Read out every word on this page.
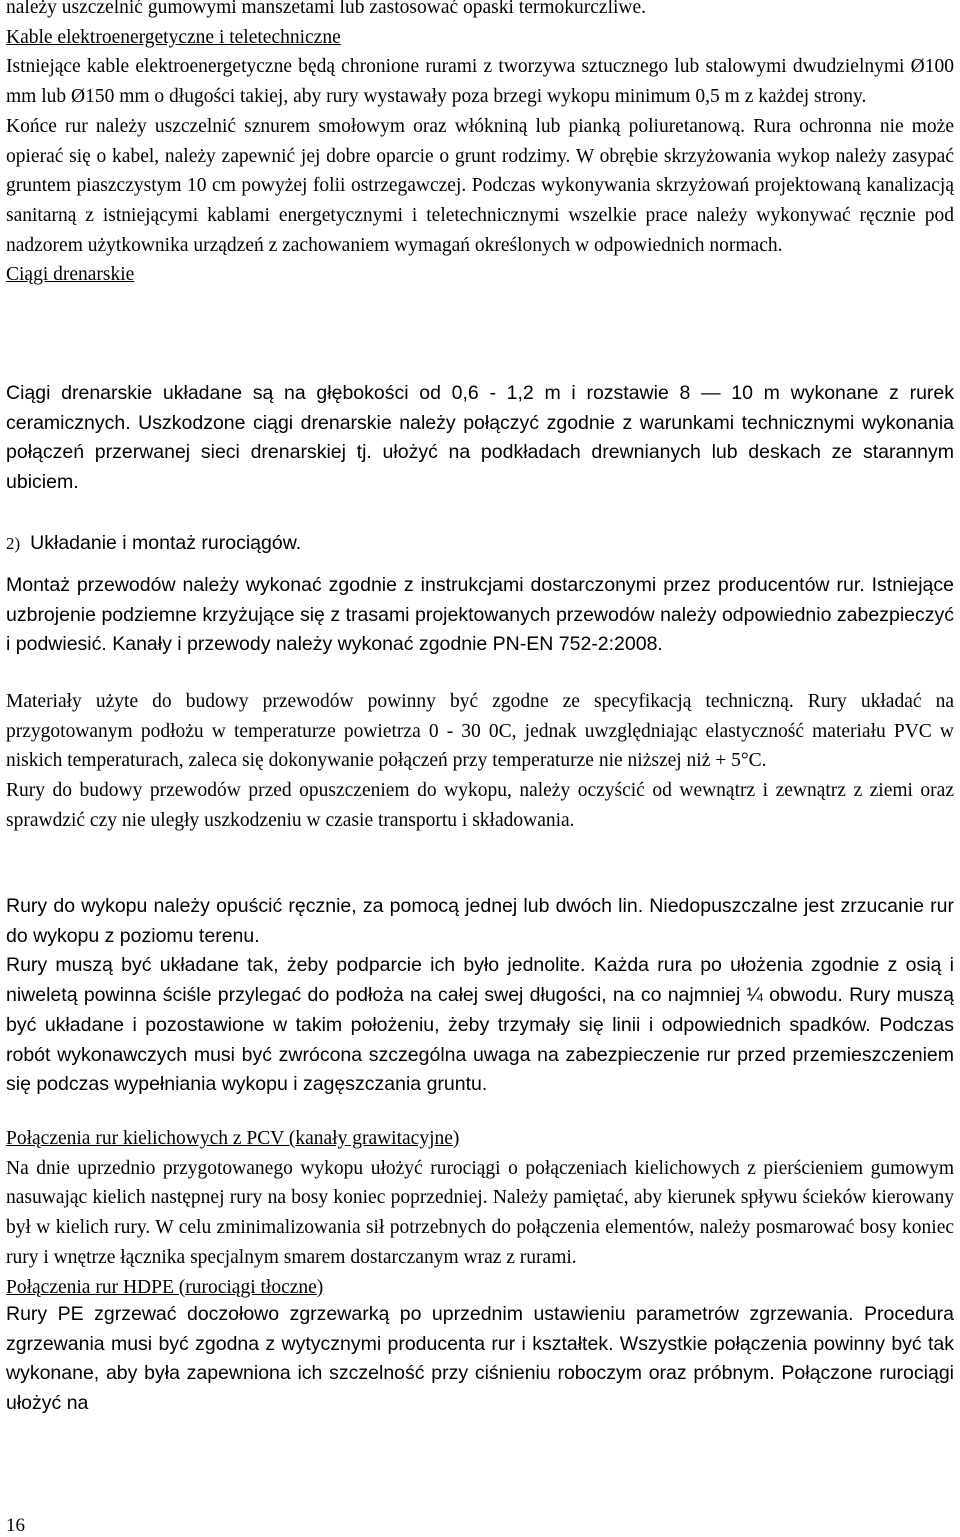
należy uszczelnić gumowymi manszetami lub zastosować opaski termokurczliwe.

Kable elektroenergetyczne i teletechniczne

Istniejące kable elektroenergetyczne będą chronione rurami z tworzywa sztucznego lub stalowymi dwudzielnymi Ø100 mm lub Ø150 mm o długości takiej, aby rury wystawały poza brzegi wykopu minimum 0,5 m z każdej strony.

Końce rur należy uszczelnić sznurem smołowym oraz włókniną lub pianką poliuretanową. Rura ochronna nie może opierać się o kabel, należy zapewnić jej dobre oparcie o grunt rodzimy. W obrębie skrzyżowania wykop należy zasypać gruntem piaszczystym 10 cm powyżej folii ostrzegawczej. Podczas wykonywania skrzyżowań projektowaną kanalizacją sanitarną z istniejącymi kablami energetycznymi i teletechnicznymi wszelkie prace należy wykonywać ręcznie pod nadzorem użytkownika urządzeń z zachowaniem wymagań określonych w odpowiednich normach.

Ciągi drenarskie

Ciągi drenarskie układane są na głębokości od 0,6 - 1,2 m i rozstawie 8 — 10 m wykonane z rurek ceramicznych. Uszkodzone ciągi drenarskie należy połączyć zgodnie z warunkami technicznymi wykonania połączeń przerwanej sieci drenarskiej tj. ułożyć na podkładach drewnianych lub deskach ze starannym ubiciem.

2) Układanie i montaż rurociągów.

Montaż przewodów należy wykonać zgodnie z instrukcjami dostarczonymi przez producentów rur. Istniejące uzbrojenie podziemne krzyżujące się z trasami projektowanych przewodów należy odpowiednio zabezpieczyć i podwiesić. Kanały i przewody należy wykonać zgodnie PN-EN 752-2:2008.

Materiały użyte do budowy przewodów powinny być zgodne ze specyfikacją techniczną. Rury układać na przygotowanym podłożu w temperaturze powietrza 0 - 30 0C, jednak uwzględniając elastyczność materiału PVC w niskich temperaturach, zaleca się dokonywanie połączeń przy temperaturze nie niższej niż + 5°C.

Rury do budowy przewodów przed opuszczeniem do wykopu, należy oczyścić od wewnątrz i zewnątrz z ziemi oraz sprawdzić czy nie uległy uszkodzeniu w czasie transportu i składowania.

Rury do wykopu należy opuścić ręcznie, za pomocą jednej lub dwóch lin. Niedopuszczalne jest zrzucanie rur do wykopu z poziomu terenu.

Rury muszą być układane tak, żeby podparcie ich było jednolite. Każda rura po ułożenia zgodnie z osią i niweletą powinna ściśle przylegać do podłoża na całej swej długości, na co najmniej ¼ obwodu. Rury muszą być układane i pozostawione w takim położeniu, żeby trzymały się linii i odpowiednich spadków. Podczas robót wykonawczych musi być zwrócona szczególna uwaga na zabezpieczenie rur przed przemieszczeniem się podczas wypełniania wykopu i zagęszczania gruntu.

Połączenia rur kielichowych z PCV (kanały grawitacyjne)

Na dnie uprzednio przygotowanego wykopu ułożyć rurociągi o połączeniach kielichowych z pierścieniem gumowym nasuwając kielich następnej rury na bosy koniec poprzedniej. Należy pamiętać, aby kierunek spływu ścieków kierowany był w kielich rury. W celu zminimalizowania sił potrzebnych do połączenia elementów, należy posmarować bosy koniec rury i wnętrze łącznika specjalnym smarem dostarczanym wraz z rurami.

Połączenia rur HDPE (rurociągi tłoczne)

Rury PE zgrzewać doczołowo zgrzewarką po uprzednim ustawieniu parametrów zgrzewania. Procedura zgrzewania musi być zgodna z wytycznymi producenta rur i kształtek. Wszystkie połączenia powinny być tak wykonane, aby była zapewniona ich szczelność przy ciśnieniu roboczym oraz próbnym. Połączone rurociągi ułożyć na

16
